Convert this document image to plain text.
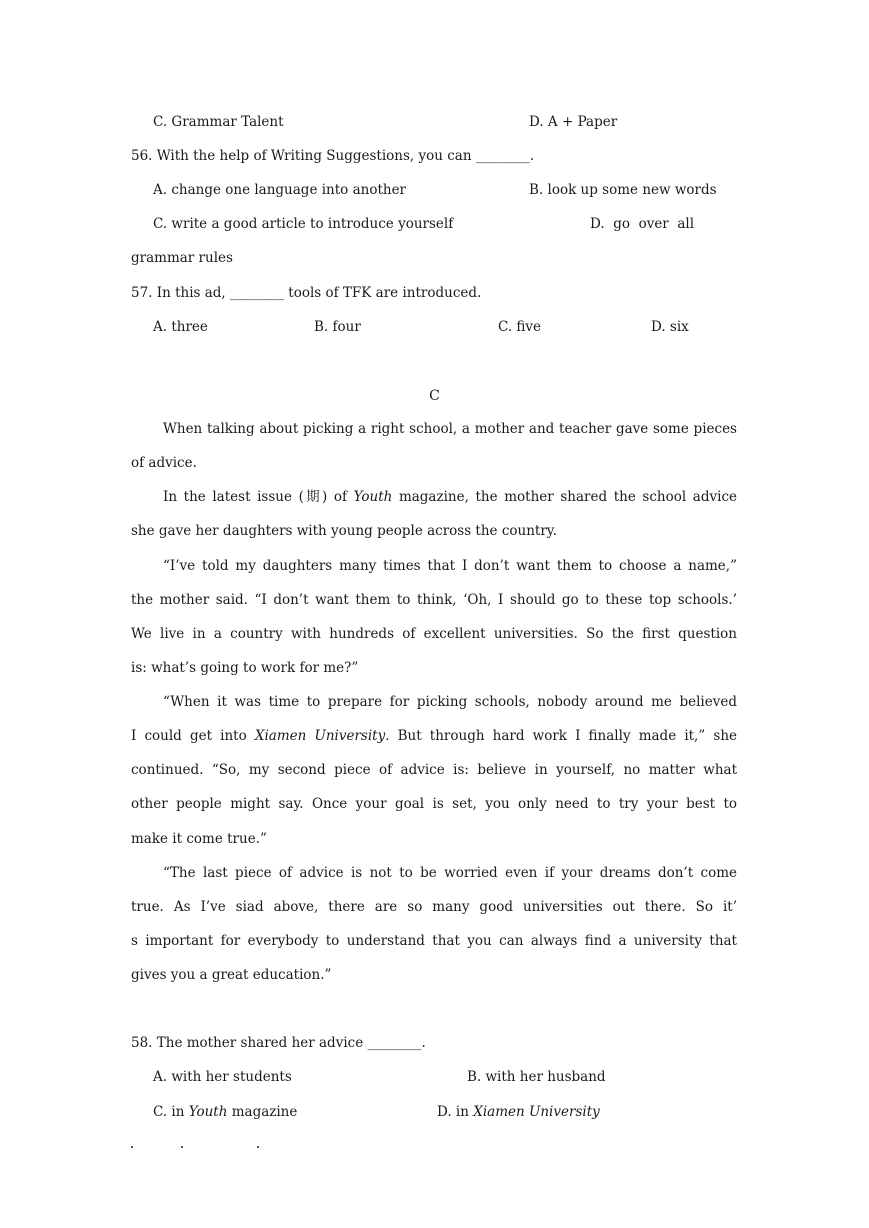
C. Grammar Talent	D. A + Paper
56. With the help of Writing Suggestions, you can ________.
A. change one language into another	B. look up some new words
C. write a good article to introduce yourself	D.  go  over  all
grammar rules
57. In this ad, ________ tools of TFK are introduced.
A. three	B. four	C. five	D. six
C
When talking about picking a right school, a mother and teacher gave some pieces
of advice.
In the latest issue (期) of Youth magazine, the mother shared the school advice
she gave her daughters with young people across the country.
“I’ve told my daughters many times that I don’t want them to choose a name,”
the mother said. “I don’t want them to think, ‘Oh, I should go to these top schools.’
We live in a country with hundreds of excellent universities. So the first question
is: what’s going to work for me?”
“When it was time to prepare for picking schools, nobody around me believed
I could get into Xiamen University. But through hard work I finally made it,” she
continued. “So, my second piece of advice is: believe in yourself, no matter what
other people might say. Once your goal is set, you only need to try your best to
make it come true.”
“The last piece of advice is not to be worried even if your dreams don’t come
true. As I’ve siad above, there are so many good universities out there. So it’
s important for everybody to understand that you can always find a university that
gives you a great education.”
58. The mother shared her advice ________.
A. with her students	B. with her husband
C. in Youth magazine	D. in Xiamen University
